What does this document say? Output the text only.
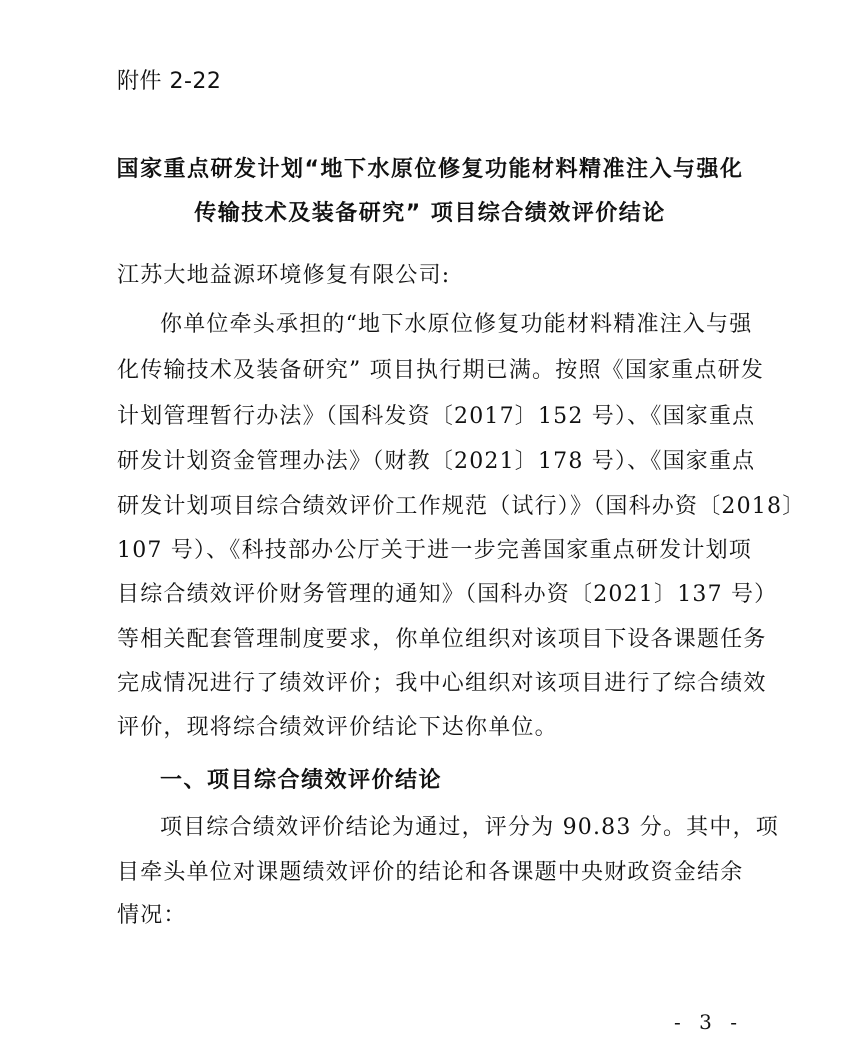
附件 2-22
国家重点研发计划“地下水原位修复功能材料精准注入与强化
传输技术及装备研究” 项目综合绩效评价结论
江苏大地益源环境修复有限公司:
你单位牵头承担的“地下水原位修复功能材料精准注入与强
化传输技术及装备研究” 项目执行期已满。按照《国家重点研发
计划管理暂行办法》（国科发资〔2017〕152 号）、《国家重点
研发计划资金管理办法》（财教〔2021〕178 号）、《国家重点
研发计划项目综合绩效评价工作规范（试行）》（国科办资〔2018〕
107 号）、《科技部办公厅关于进一步完善国家重点研发计划项
目综合绩效评价财务管理的通知》（国科办资〔2021〕137 号）
等相关配套管理制度要求，你单位组织对该项目下设各课题任务
完成情况进行了绩效评价；我中心组织对该项目进行了综合绩效
评价，现将综合绩效评价结论下达你单位。
一、项目综合绩效评价结论
项目综合绩效评价结论为通过，评分为 90.83 分。其中，项
目牵头单位对课题绩效评价的结论和各课题中央财政资金结余
情况：
- 3 -
